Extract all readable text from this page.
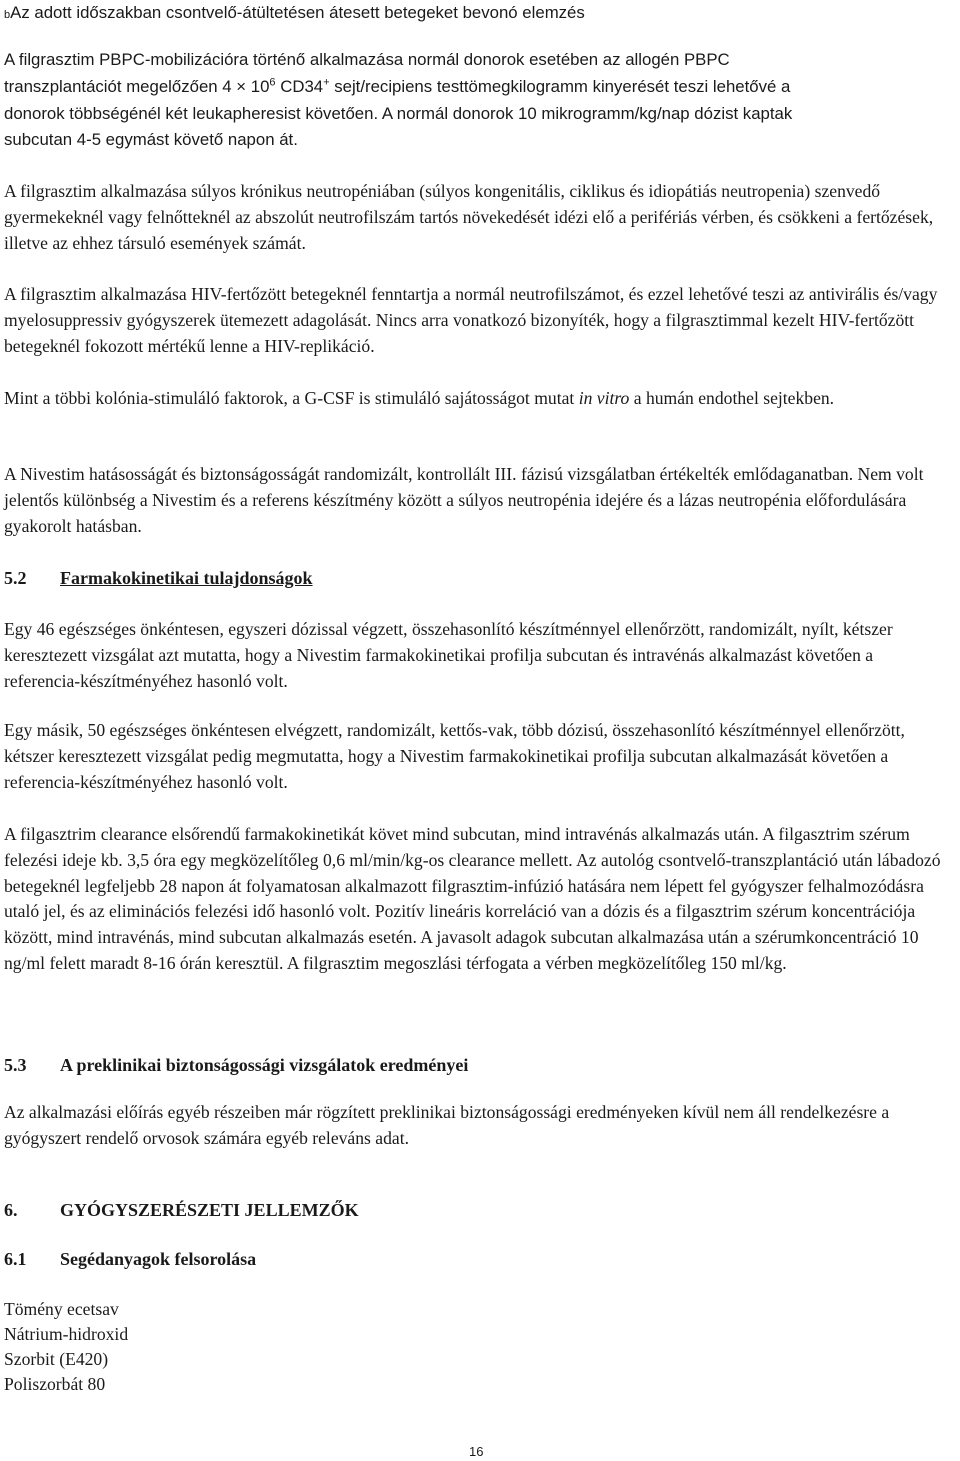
bAz adott időszakban csontvelő-átültetésen átesett betegeket bevonó elemzés

A filgrasztim PBPC-mobilizációra történő alkalmazása normál donorok esetében az allogén PBPC
transzplantációt megelőzően $4 \times 10^6$ CD34+ sejt/recipiens testtömegkilogramm kinyerését teszi lehetővé a
donorok többségénél két leukapheresist követően. A normál donorok 10 mikrogramm/kg/nap dózist kaptak
subcutan 4-5 egymást követő napon át.

A filgrasztim alkalmazása súlyos krónikus neutropéniában (súlyos kongenitális, ciklikus és idiopátiás neutropenia) szenvedő gyermekeknél vagy felnőtteknél az abszolút neutrofilszám tartós növekedését idézi elő a perifériás vérben, és csökkeni a fertőzések, illetve az ehhez társuló események számát.

A filgrasztim alkalmazása HIV-fertőzött betegeknél fenntartja a normál neutrofilszámot, és ezzel lehetővé teszi az antivirális és/vagy myelosuppressiv gyógyszerek ütemezett adagolását. Nincs arra vonatkozó bizonyíték, hogy a filgrasztimmal kezelt HIV-fertőzött betegeknél fokozott mértékű lenne a HIV-replikáció.

Mint a többi kolónia-stimuláló faktorok, a G-CSF is stimuláló sajátosságot mutat in vitro a humán endothel sejtekben.

A Nivestim hatásosságát és biztonságosságát randomizált, kontrollált III. fázisú vizsgálatban értékelték emlődaganatban. Nem volt jelentős különbség a Nivestim és a referens készítmény között a súlyos neutropénia idejére és a lázas neutropénia előfordulására gyakorolt hatásban.

5.2 Farmakokinetikai tulajdonságok

Egy 46 egészséges önkéntesen, egyszeri dózissal végzett, összehasonlító készítménnyel ellenőrzött, randomizált, nyílt, kétszer keresztezett vizsgálat azt mutatta, hogy a Nivestim farmakokinetikai profilja subcutan és intravénás alkalmazást követően a referencia-készítményéhez hasonló volt.

Egy másik, 50 egészséges önkéntesen elvégzett, randomizált, kettős-vak, több dózisú, összehasonlító készítménnyel ellenőrzött, kétszer keresztezett vizsgálat pedig megmutatta, hogy a Nivestim farmakokinetikai profilja subcutan alkalmazását követően a referencia-készítményéhez hasonló volt.

A filgasztrim clearance elsőrendű farmakokinetikát követ mind subcutan, mind intravénás alkalmazás után. A filgasztrim szérum felezési ideje kb. 3,5 óra egy megközelítőleg 0,6 ml/min/kg-os clearance mellett. Az autológ csontvelő-transzplantáció után lábadozó betegeknél legfeljebb 28 napon át folyamatosan alkalmazott filgrasztim-infúzió hatására nem lépett fel gyógyszer felhalmozódásra utaló jel, és az eliminációs felezési idő hasonló volt. Pozitív lineáris korreláció van a dózis és a filgasztrim szérum koncentrációja között, mind intravénás, mind subcutan alkalmazás esetén. A javasolt adagok subcutan alkalmazása után a szérumkoncentráció 10 ng/ml felett maradt 8-16 órán keresztül. A filgrasztim megoszlási térfogata a vérben megközelítőleg 150 ml/kg.

5.3 A preklinikai biztonságossági vizsgálatok eredményei

Az alkalmazási előírás egyéb részeiben már rögzített preklinikai biztonságossági eredményeken kívül nem áll rendelkezésre a gyógyszert rendelő orvosok számára egyéb releváns adat.

6. GYÓGYSZERÉSZETI JELLEMZŐK
6.1 Segédanyagok felsorolása

Tömény ecetsav

Nátrium-hidroxid

Szorbit (E420)

Poliszorbát 80

16
